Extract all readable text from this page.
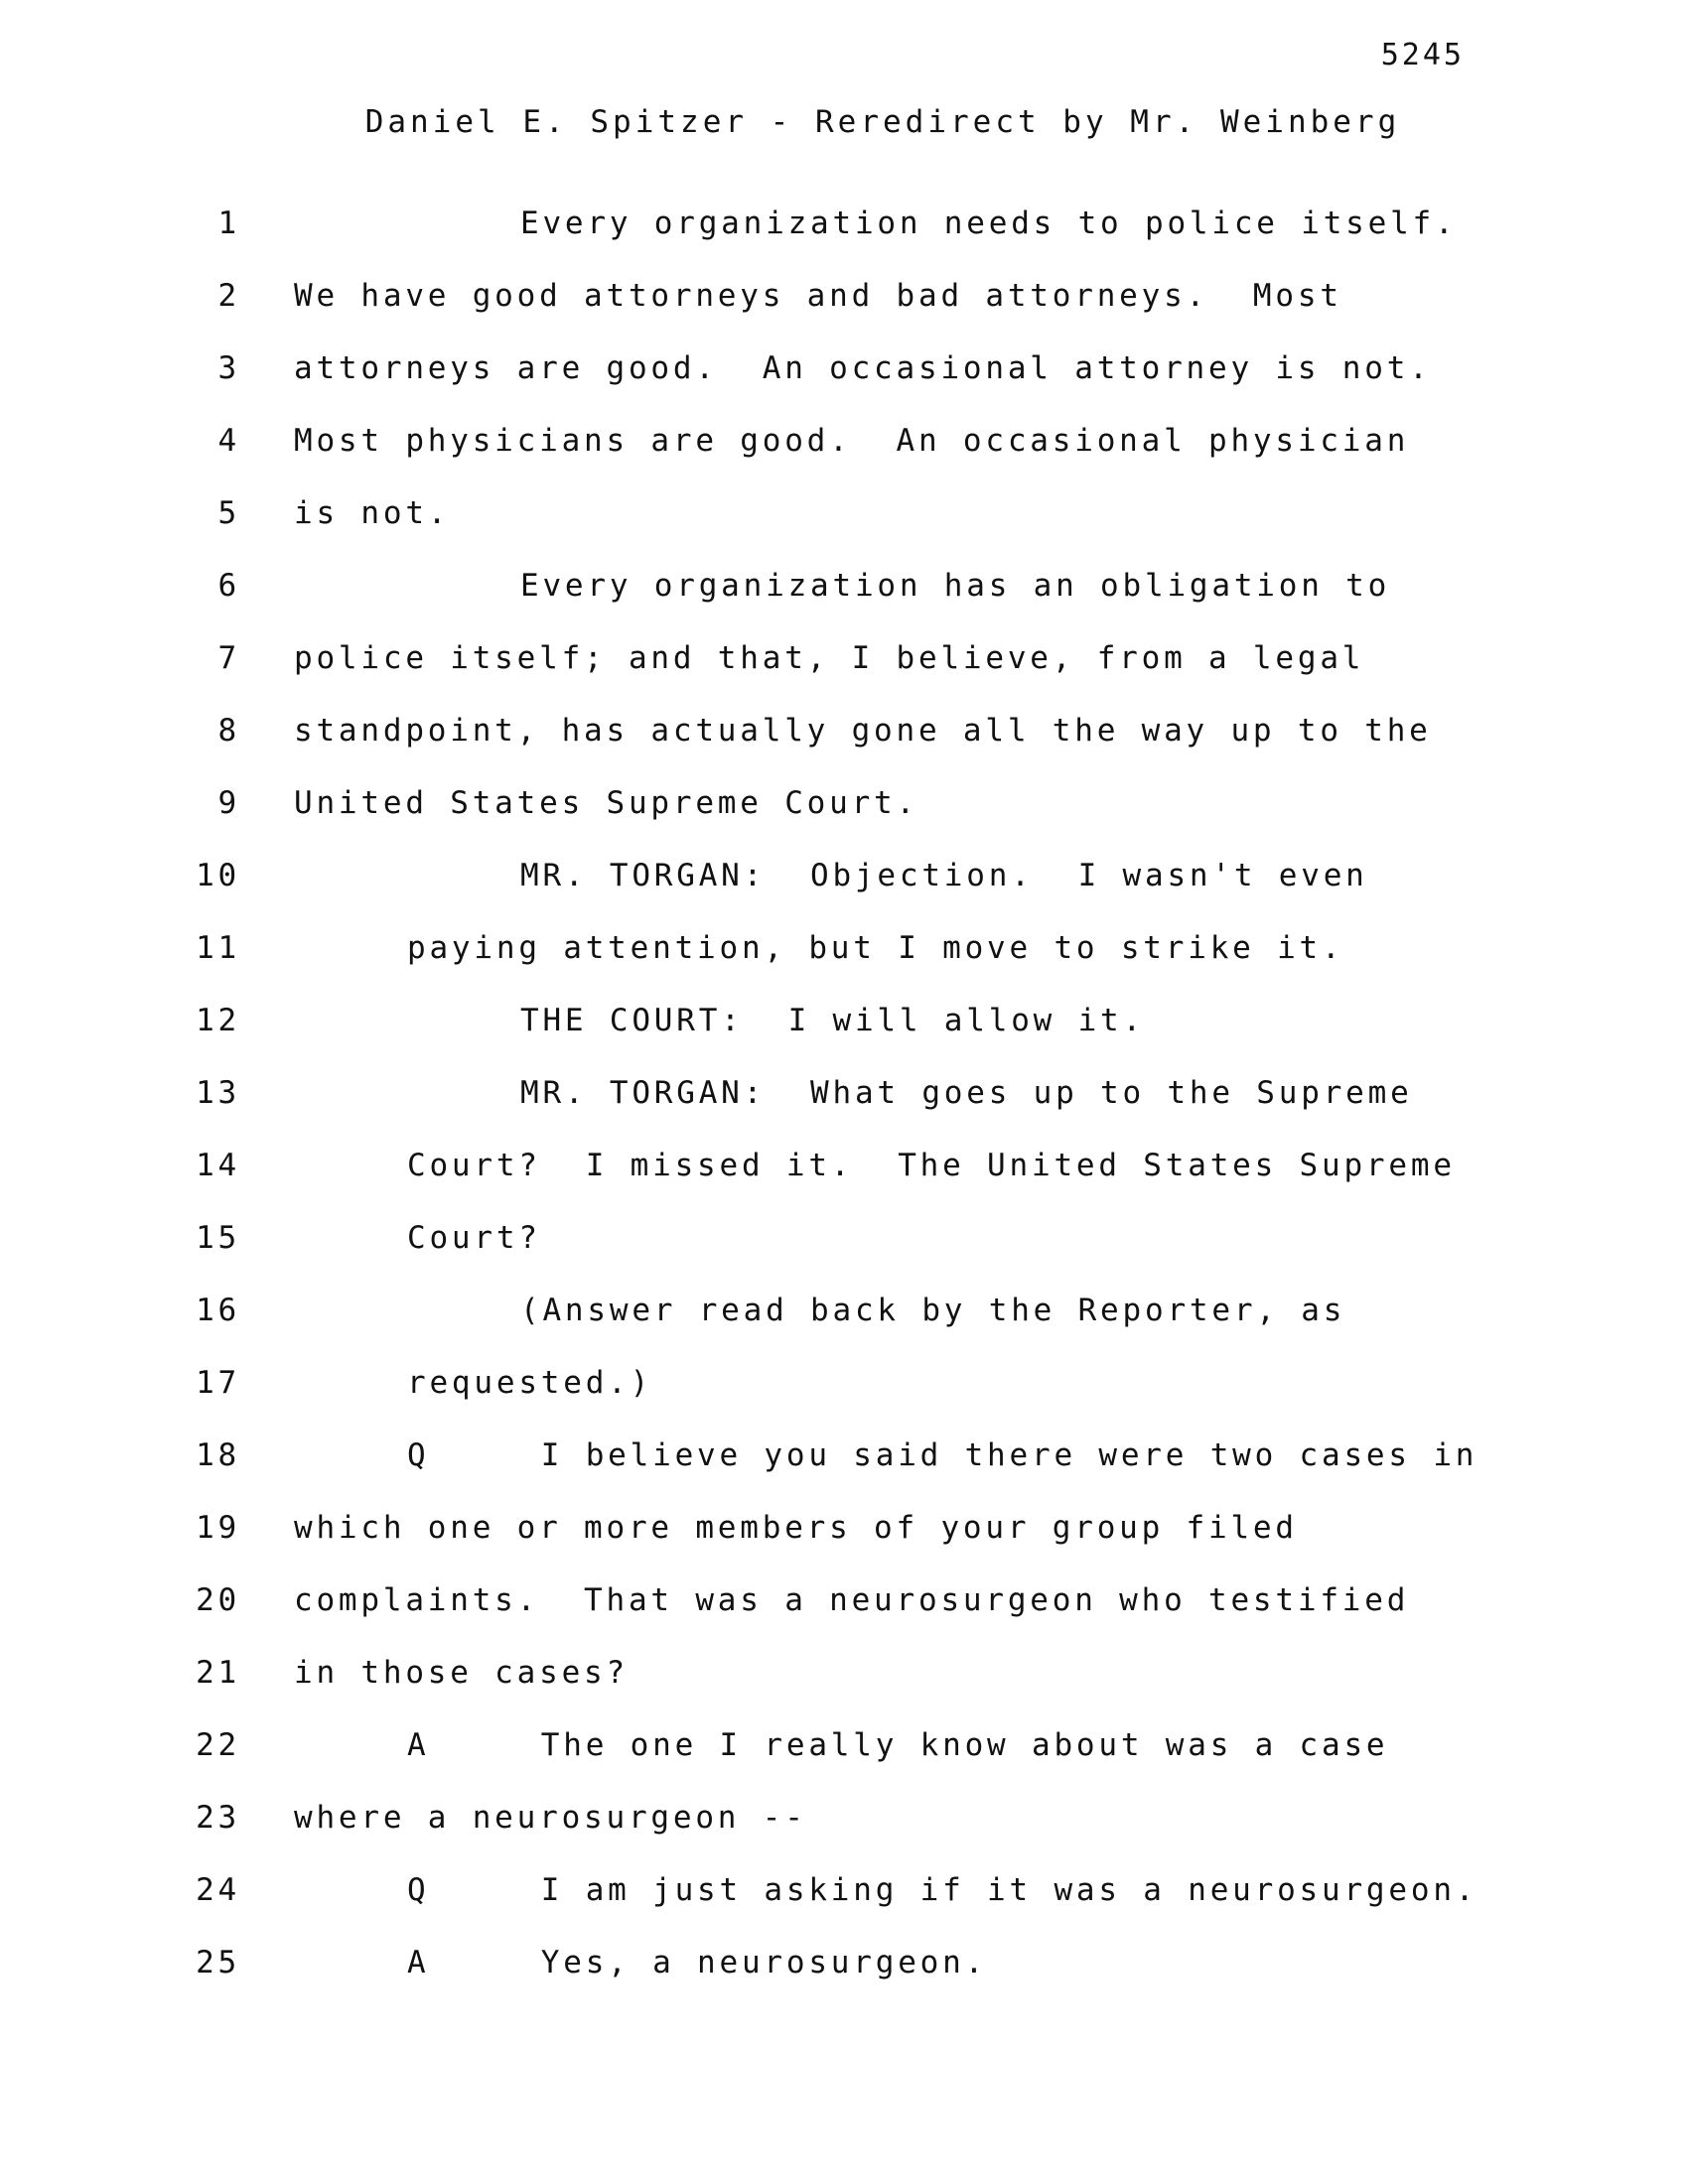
5245
Daniel E. Spitzer - Reredirect by Mr. Weinberg
1	Every organization needs to police itself.
2 We have good attorneys and bad attorneys.  Most
3 attorneys are good.  An occasional attorney is not.
4 Most physicians are good.  An occasional physician
5 is not.
6	Every organization has an obligation to
7 police itself; and that, I believe, from a legal
8 standpoint, has actually gone all the way up to the
9 United States Supreme Court.
10	MR. TORGAN:  Objection.  I wasn't even
11	paying attention, but I move to strike it.
12	THE COURT:  I will allow it.
13	MR. TORGAN:  What goes up to the Supreme
14	Court?  I missed it.  The United States Supreme
15	Court?
16	(Answer read back by the Reporter, as
17	requested.)
18	Q     I believe you said there were two cases in
19 which one or more members of your group filed
20 complaints.  That was a neurosurgeon who testified
21 in those cases?
22	A     The one I really know about was a case
23 where a neurosurgeon --
24	Q     I am just asking if it was a neurosurgeon.
25	A     Yes, a neurosurgeon.
